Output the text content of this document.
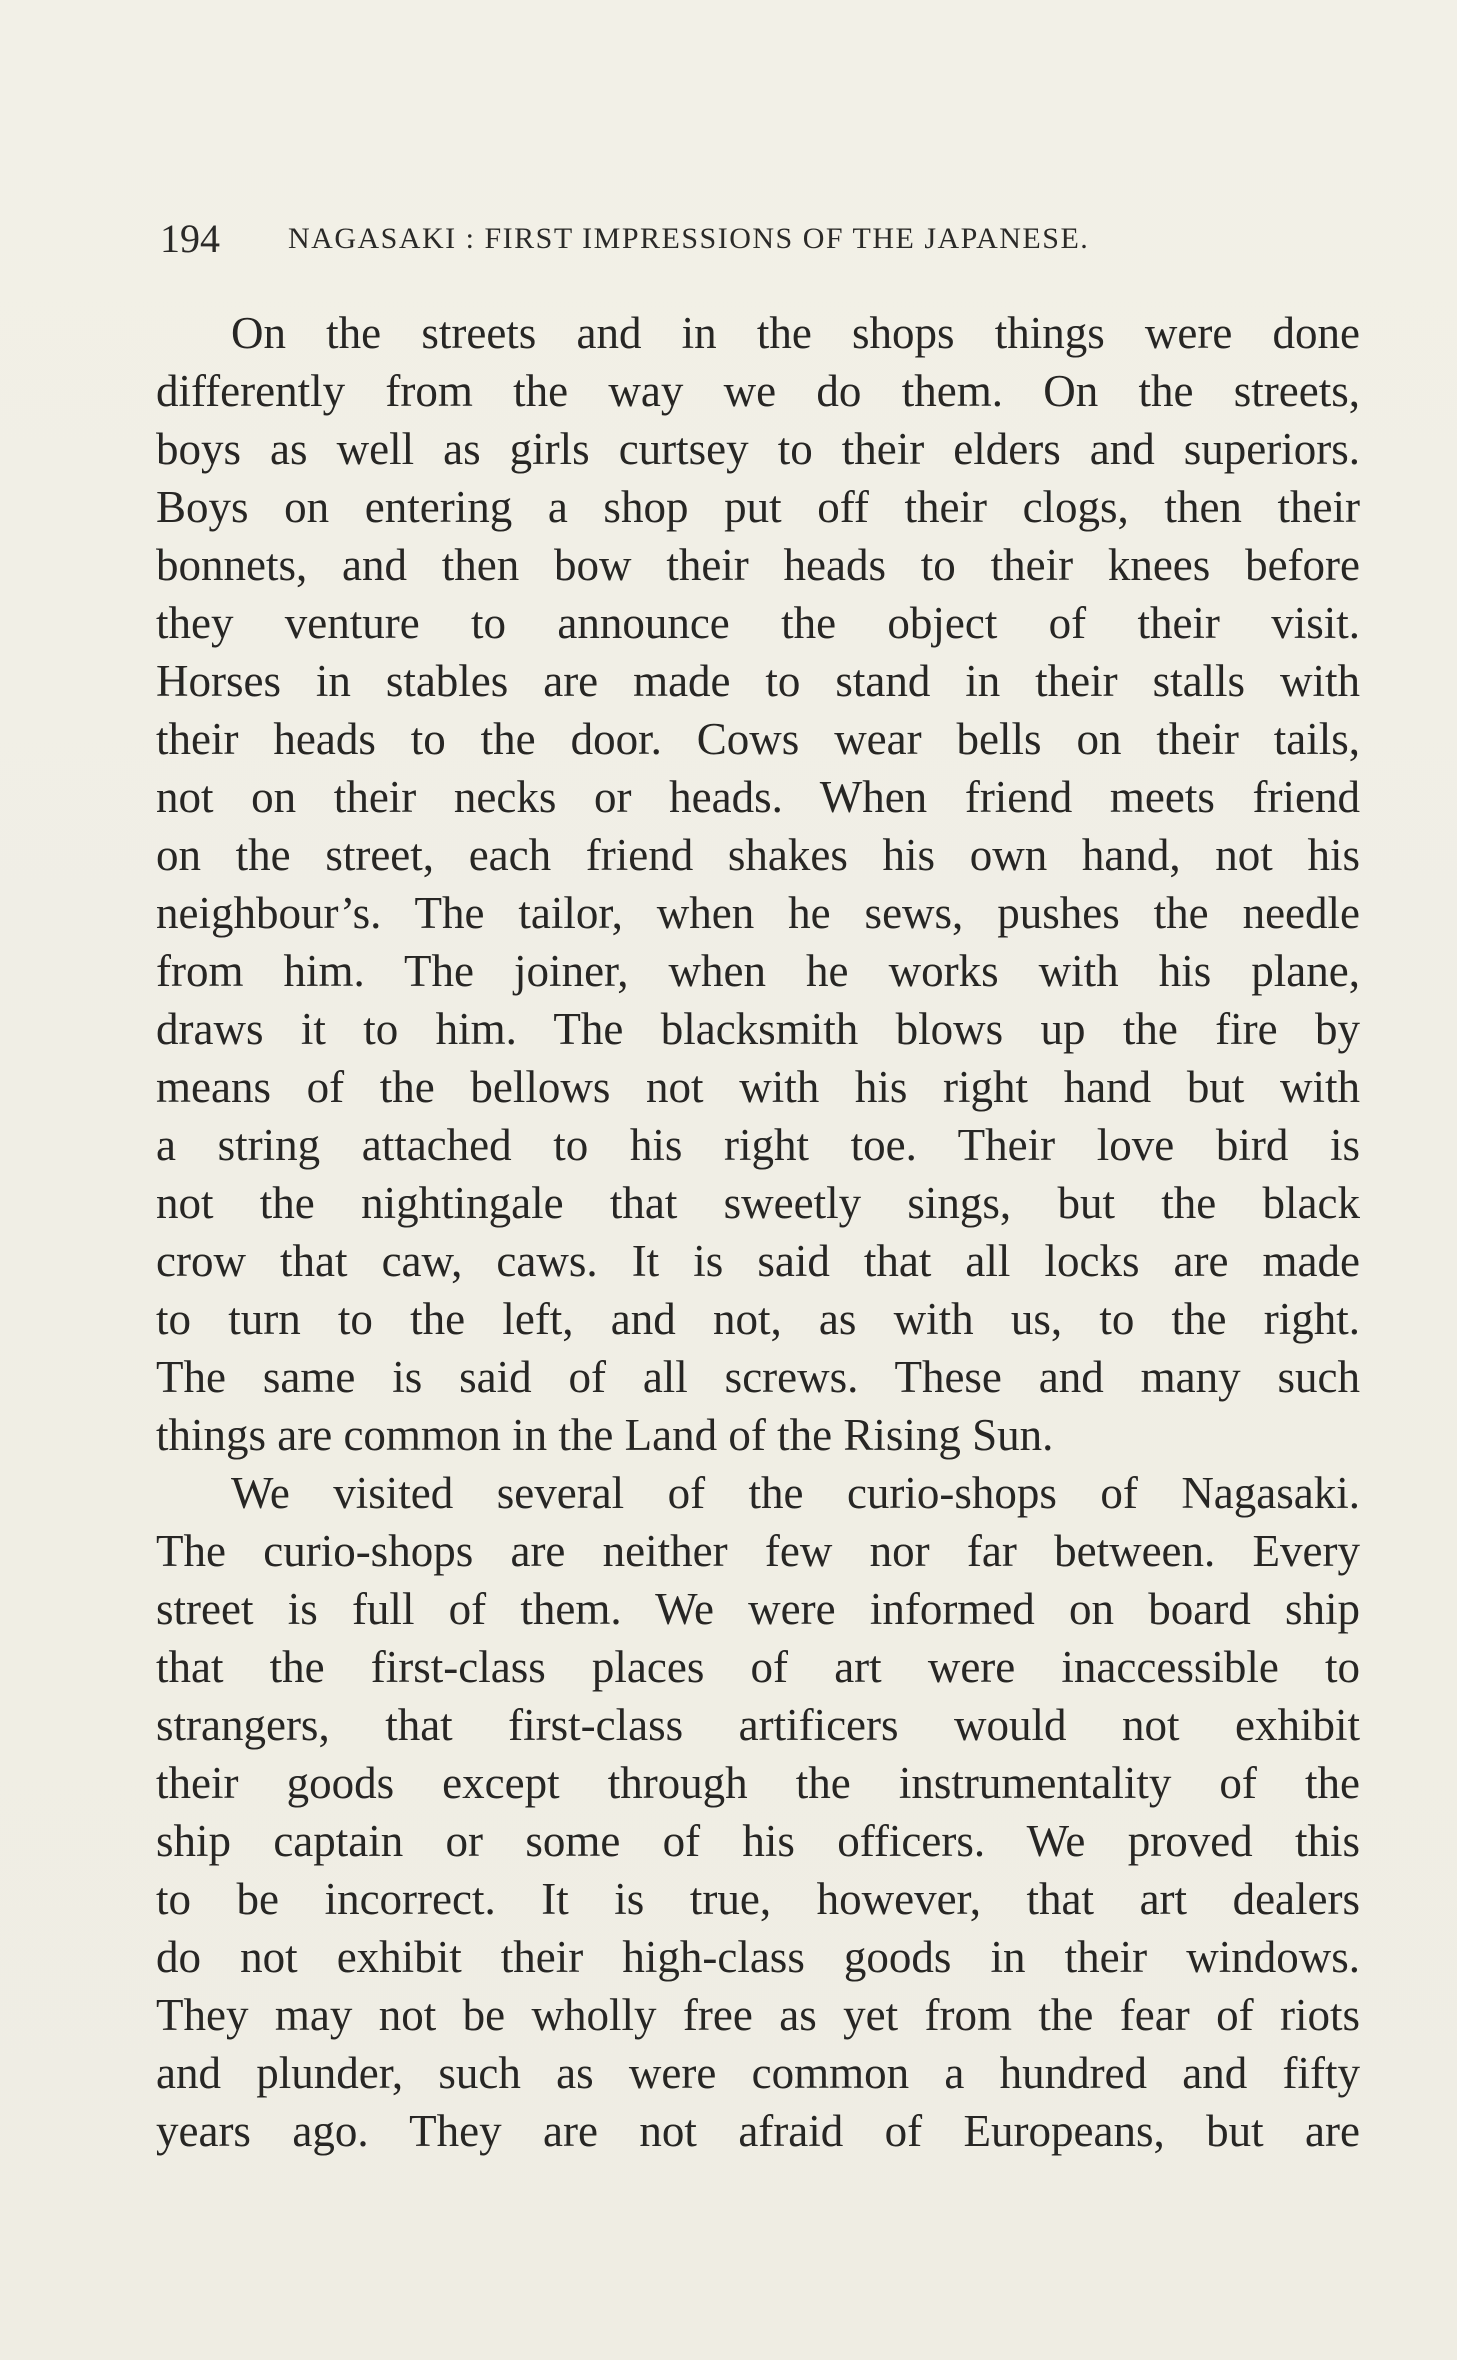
194 NAGASAKI : FIRST IMPRESSIONS OF THE JAPANESE.
On the streets and in the shops things were done
differently from the way we do them. On the streets,
boys as well as girls curtsey to their elders and superiors.
Boys on entering a shop put off their clogs, then their
bonnets, and then bow their heads to their knees before
they venture to announce the object of their visit.
Horses in stables are made to stand in their stalls with
their heads to the door. Cows wear bells on their tails,
not on their necks or heads. When friend meets friend
on the street, each friend shakes his own hand, not his
neighbour’s. The tailor, when he sews, pushes the needle
from him. The joiner, when he works with his plane,
draws it to him. The blacksmith blows up the fire by
means of the bellows not with his right hand but with
a string attached to his right toe. Their love bird is
not the nightingale that sweetly sings, but the black
crow that caw, caws. It is said that all locks are made
to turn to the left, and not, as with us, to the right.
The same is said of all screws. These and many such
things are common in the Land of the Rising Sun.
We visited several of the curio-shops of Nagasaki.
The curio-shops are neither few nor far between. Every
street is full of them. We were informed on board ship
that the first-class places of art were inaccessible to
strangers, that first-class artificers would not exhibit
their goods except through the instrumentality of the
ship captain or some of his officers. We proved this
to be incorrect. It is true, however, that art dealers
do not exhibit their high-class goods in their windows.
They may not be wholly free as yet from the fear of riots
and plunder, such as were common a hundred and fifty
years ago. They are not afraid of Europeans, but are
